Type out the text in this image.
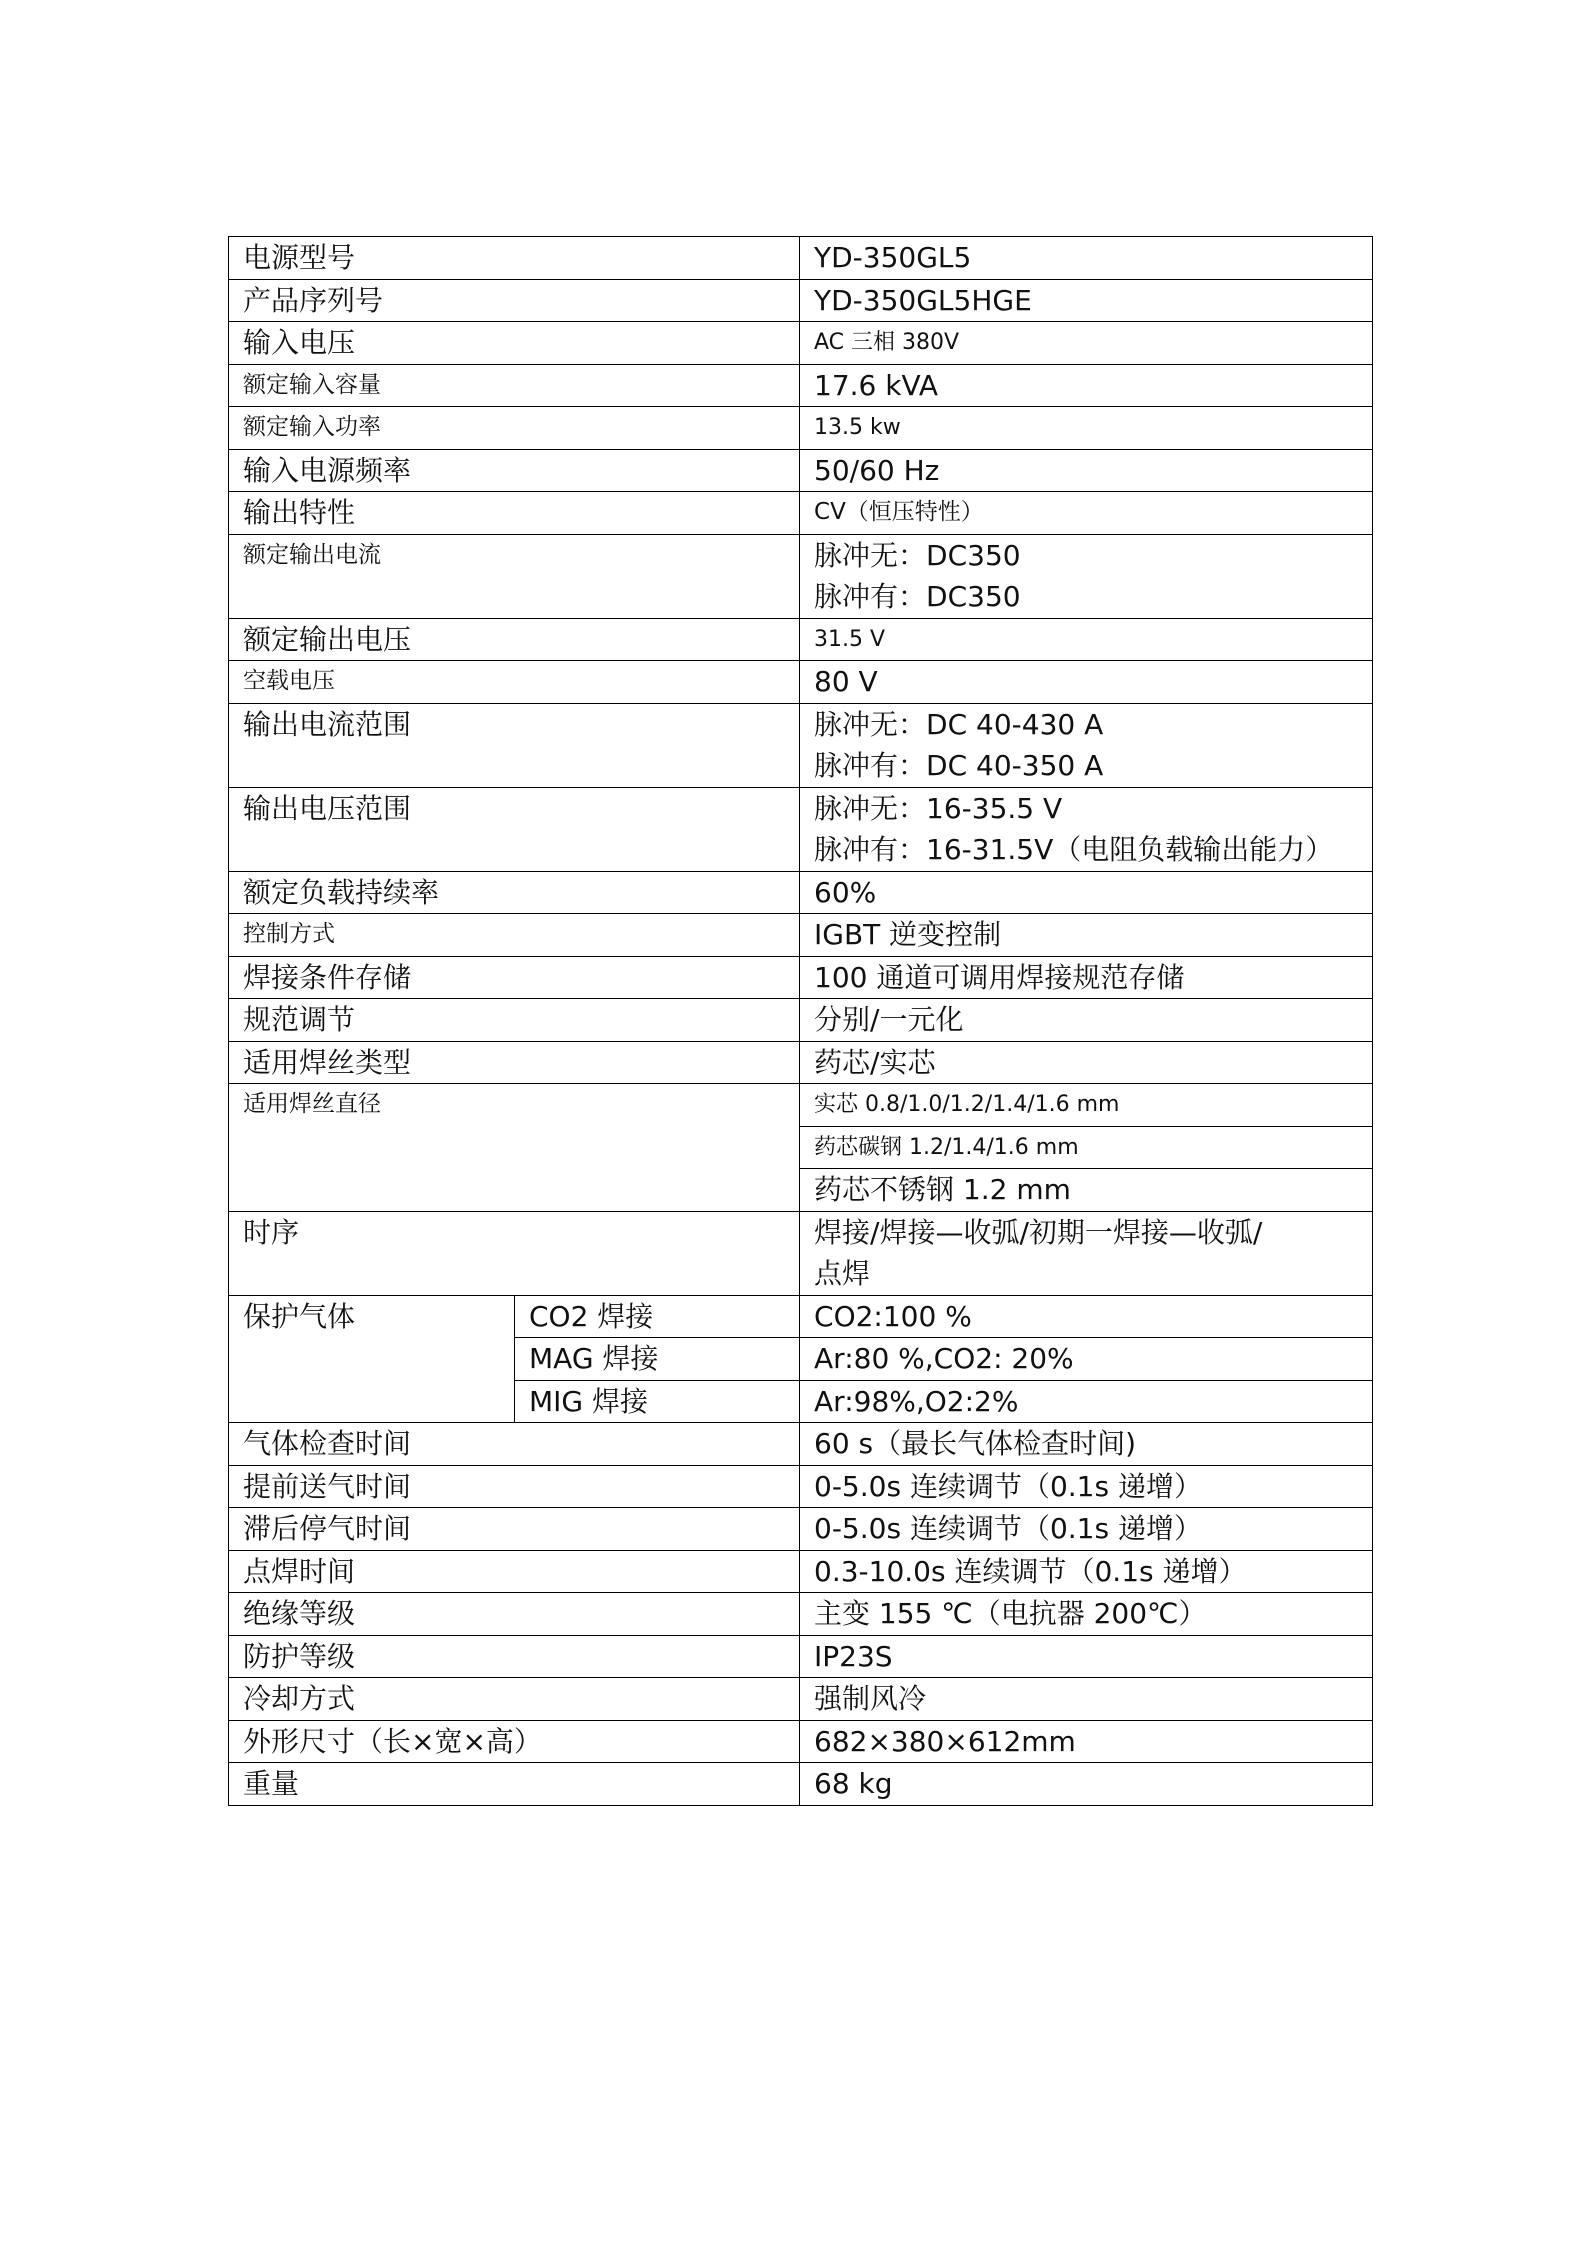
电源型号		YD-350GL5

产品序列号		YD-350GL5HGE

输入电压		AC 三相 380V

额定输入容量		17.6 kVA

额定输入功率		13.5 kw

输入电源频率		50/60 Hz

输出特性		CV（恒压特性）

额定输出电流		脉冲无：DC350
脉冲有：DC350

额定输出电压		31.5 V

空载电压		80 V

输出电流范围		脉冲无：DC 40-430 A
脉冲有：DC 40-350 A

输出电压范围		脉冲无：16-35.5 V
脉冲有：16-31.5V（电阻负载输出能力）

额定负载持续率		60%

控制方式		IGBT 逆变控制

焊接条件存储		100 通道可调用焊接规范存储

规范调节		分别/一元化

适用焊丝类型		药芯/实芯

适用焊丝直径		实芯 0.8/1.0/1.2/1.4/1.6 mm

		药芯碳钢 1.2/1.4/1.6 mm

		药芯不锈钢 1.2 mm

时序		焊接/焊接—收弧/初期一焊接—收弧/
点焊

保护气体	CO2 焊接	CO2:100 %
	MAG 焊接	Ar:80 %,CO2: 20%
	MIG 焊接	Ar:98%,O2:2%
气体检查时间		60 s（最长气体检查时间)

提前送气时间		0-5.0s 连续调节（0.1s 递增）

滞后停气时间		0-5.0s 连续调节（0.1s 递增）

点焊时间		0.3-10.0s 连续调节（0.1s 递增）

绝缘等级		主变 155 ℃（电抗器 200℃）

防护等级		IP23S

冷却方式		强制风冷

外形尺寸（长×宽×高）		682×380×612mm

重量		68 kg
